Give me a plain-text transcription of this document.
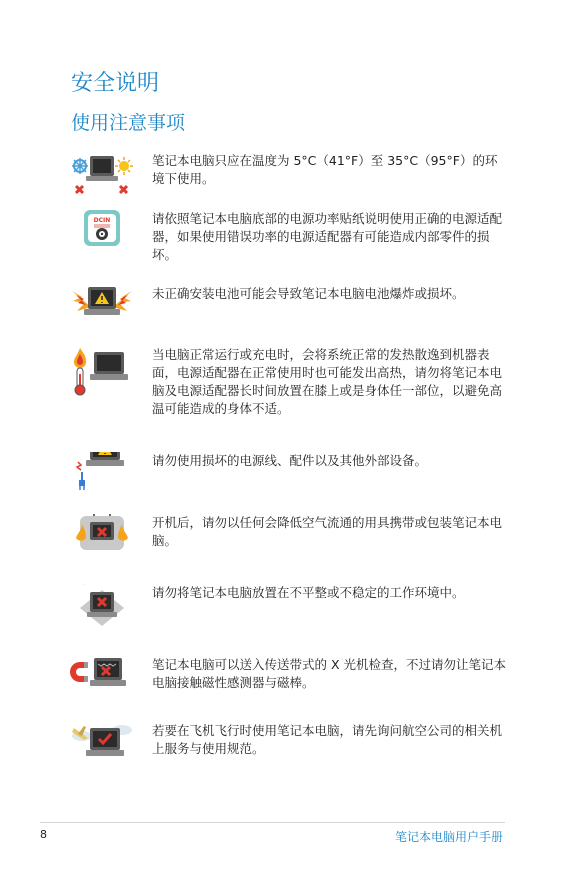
安全说明
使用注意事项
笔记本电脑只应在温度为 5°C（41°F）至 35°C（95°F）的环境下使用。
DCIN	请依照笔记本电脑底部的电源功率贴纸说明使用正确的电源适配器，如果使用错误功率的电源适配器有可能造成内部零件的损坏。
未正确安装电池可能会导致笔记本电脑电池爆炸或损坏。
当电脑正常运行或充电时，会将系统正常的发热散逸到机器表面，电源适配器在正常使用时也可能发出高热，请勿将笔记本电脑及电源适配器长时间放置在膝上或是身体任一部位，以避免高温可能造成的身体不适。
请勿使用损坏的电源线、配件以及其他外部设备。
开机后，请勿以任何会降低空气流通的用具携带或包装笔记本电脑。
请勿将笔记本电脑放置在不平整或不稳定的工作环境中。
笔记本电脑可以送入传送带式的 X 光机检查，不过请勿让笔记本电脑接触磁性感测器与磁棒。
若要在飞机飞行时使用笔记本电脑，请先询问航空公司的相关机上服务与使用规范。
8	笔记本电脑用户手册
